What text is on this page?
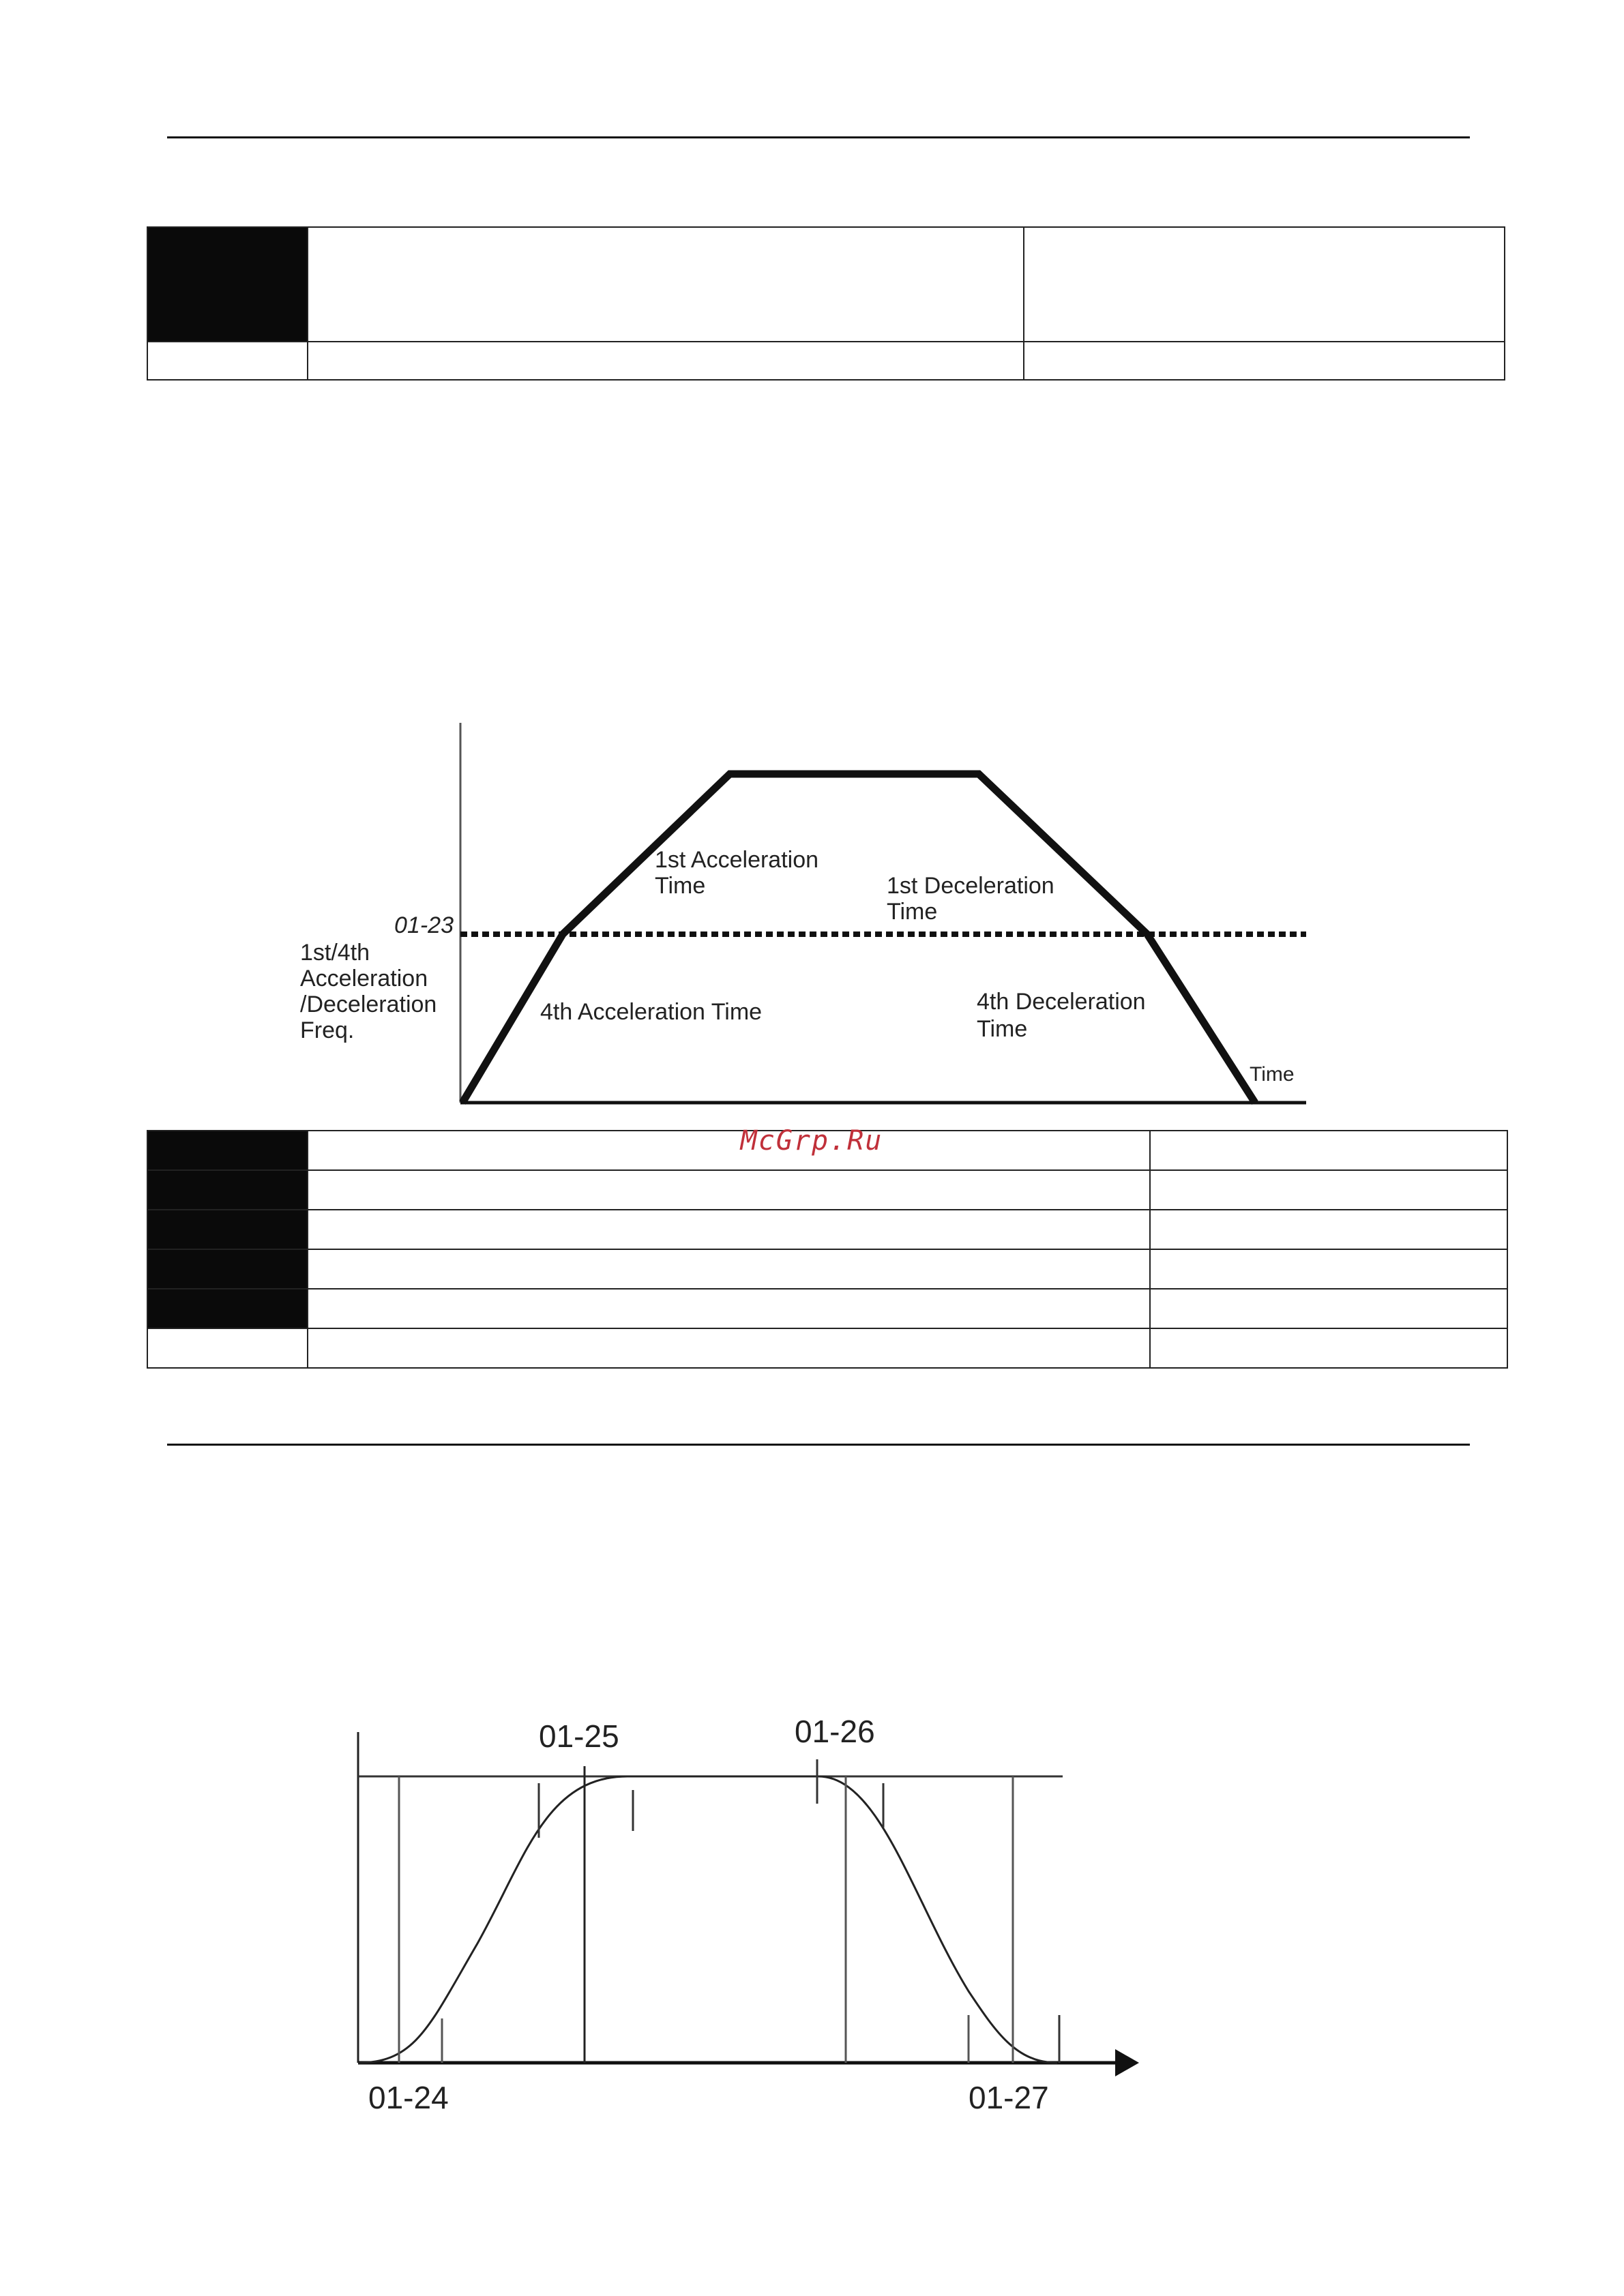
01-23
1st/4th Acceleration /Deceleration Freq.
1st Acceleration Time	1st Deceleration Time
4th Acceleration Time	4th Deceleration Time
Time

McGrp.Ru
01-24
01-25	01-26
01-27
